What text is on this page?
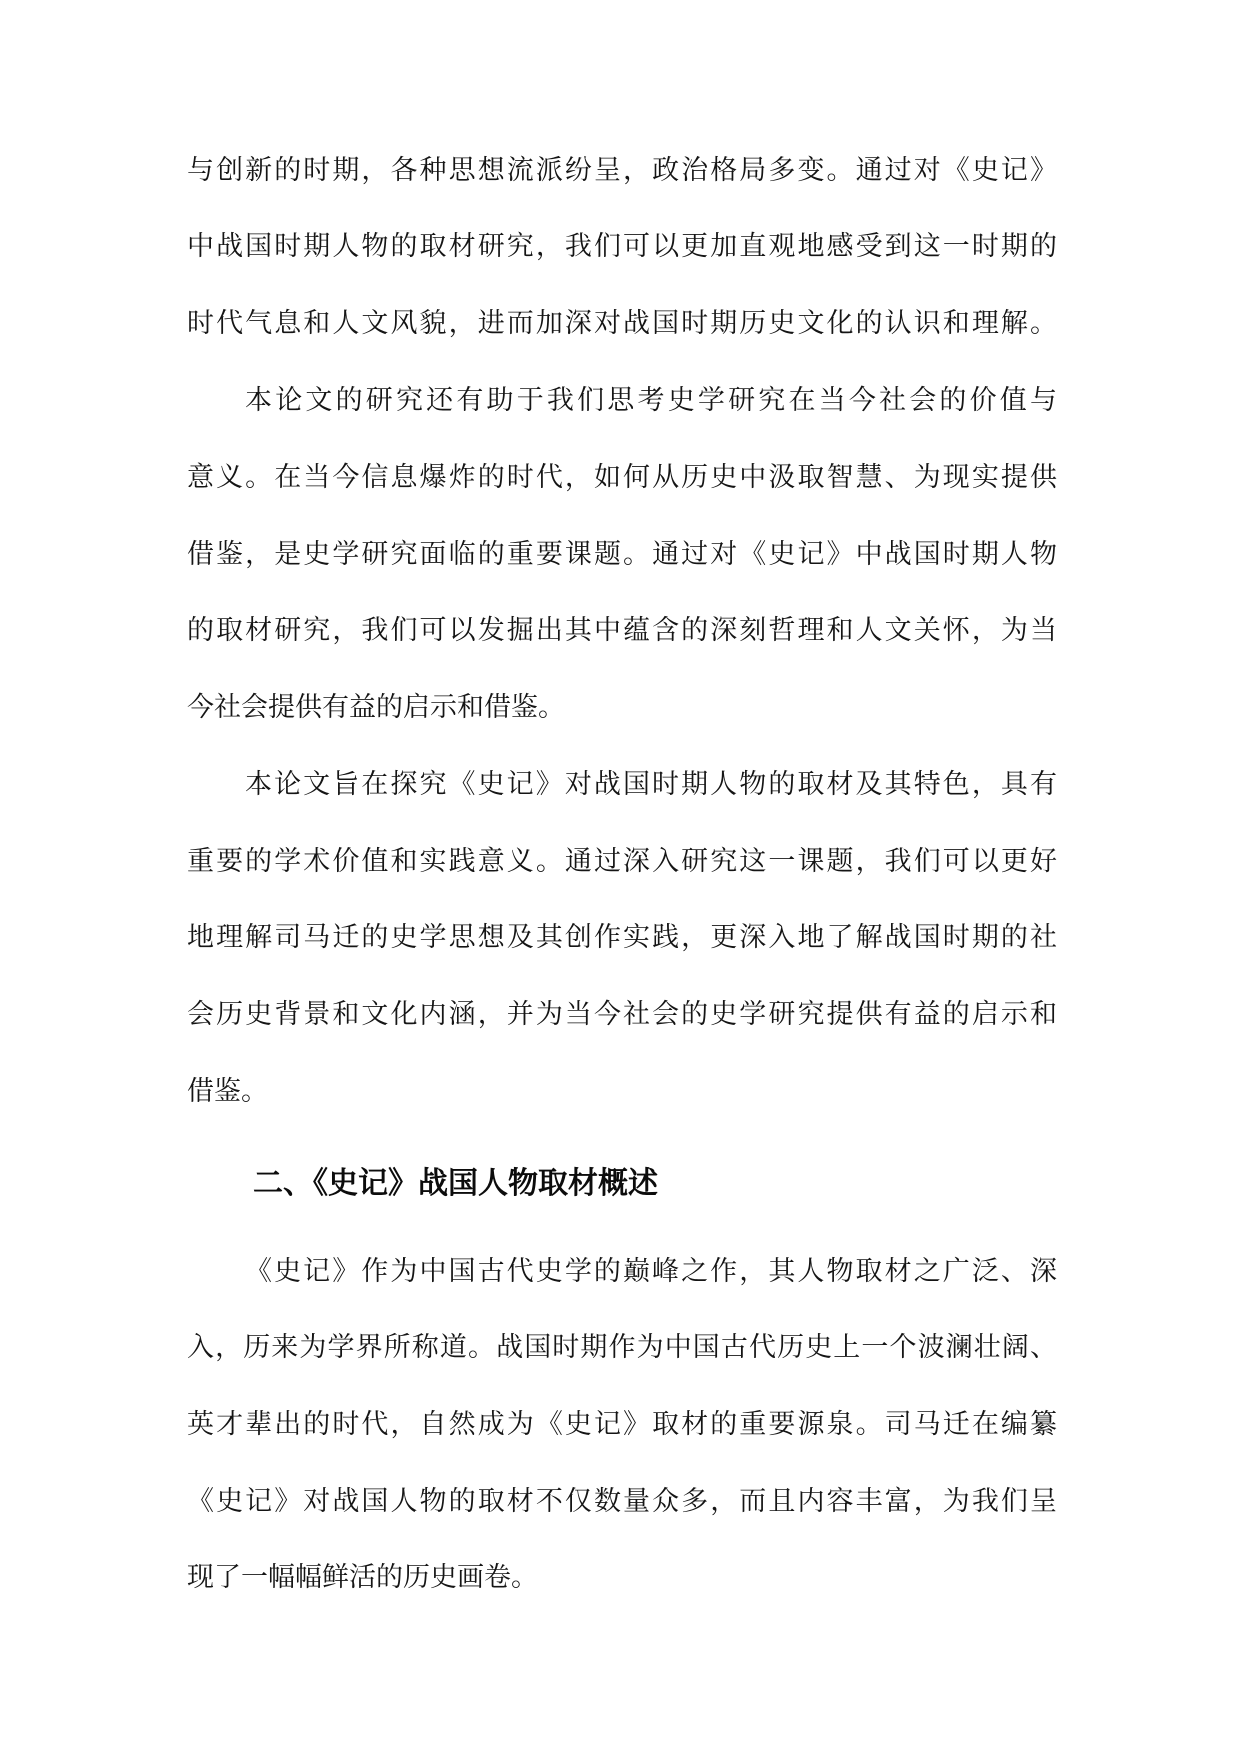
与创新的时期，各种思想流派纷呈，政治格局多变。通过对《史记》

中战国时期人物的取材研究，我们可以更加直观地感受到这一时期的

时代气息和人文风貌，进而加深对战国时期历史文化的认识和理解。

本论文的研究还有助于我们思考史学研究在当今社会的价值与

意义。在当今信息爆炸的时代，如何从历史中汲取智慧、为现实提供

借鉴，是史学研究面临的重要课题。通过对《史记》中战国时期人物

的取材研究，我们可以发掘出其中蕴含的深刻哲理和人文关怀，为当

今社会提供有益的启示和借鉴。

本论文旨在探究《史记》对战国时期人物的取材及其特色，具有

重要的学术价值和实践意义。通过深入研究这一课题，我们可以更好

地理解司马迁的史学思想及其创作实践，更深入地了解战国时期的社

会历史背景和文化内涵，并为当今社会的史学研究提供有益的启示和

借鉴。

二、《史记》战国人物取材概述

《史记》作为中国古代史学的巅峰之作，其人物取材之广泛、深

入，历来为学界所称道。战国时期作为中国古代历史上一个波澜壮阔、

英才辈出的时代，自然成为《史记》取材的重要源泉。司马迁在编纂

《史记》对战国人物的取材不仅数量众多，而且内容丰富，为我们呈

现了一幅幅鲜活的历史画卷。
